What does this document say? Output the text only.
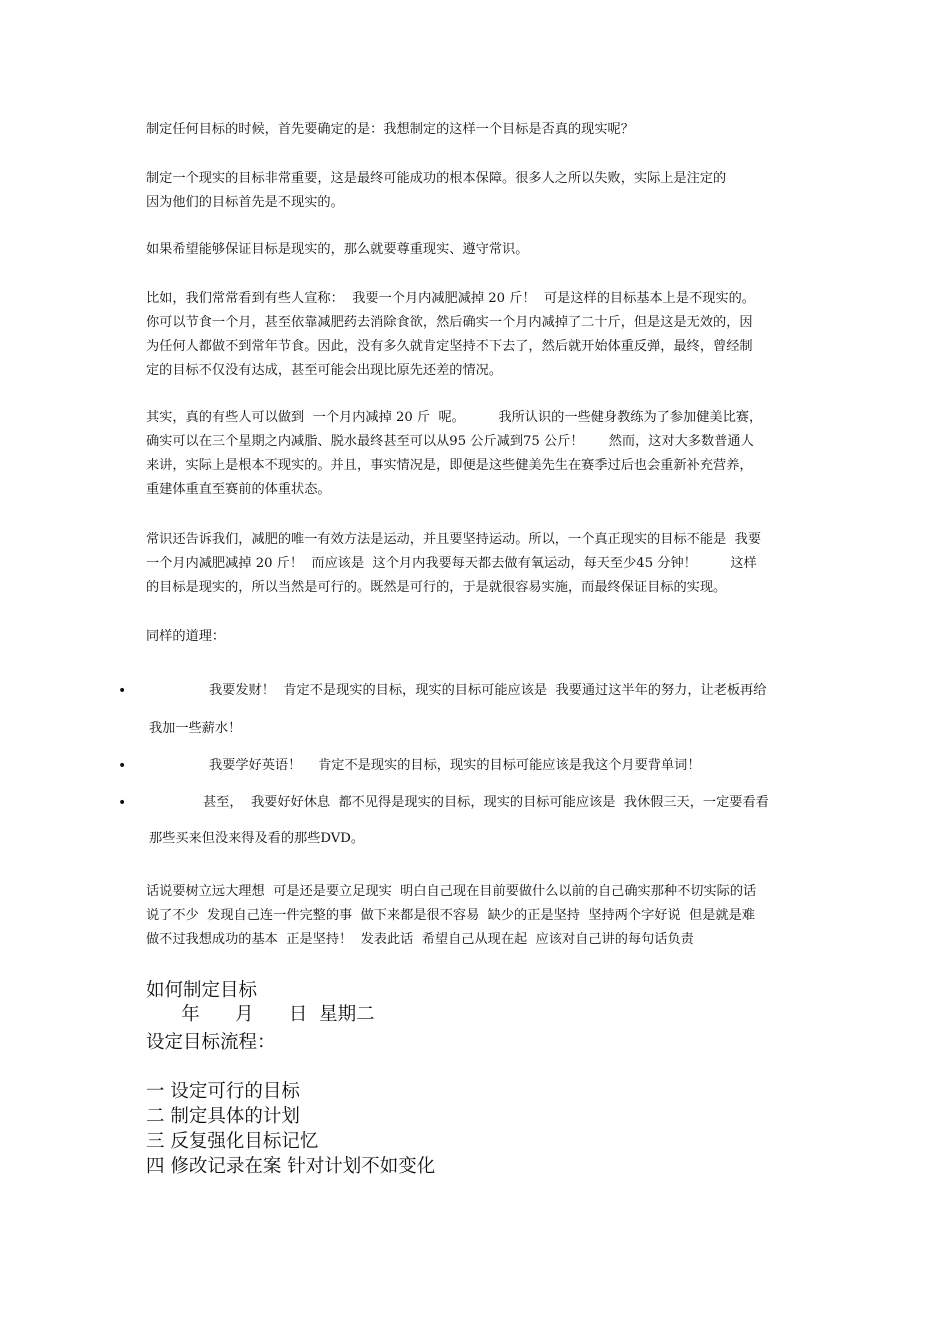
制定任何目标的时候，首先要确定的是：我想制定的这样一个目标是否真的现实呢？

制定一个现实的目标非常重要，这是最终可能成功的根本保障。很多人之所以失败，实际上是注定的
因为他们的目标首先是不现实的。

如果希望能够保证目标是现实的，那么就要尊重现实、遵守常识。

比如，我们常常看到有些人宣称：  我要一个月内减肥减掉 20 斤！  可是这样的目标基本上是不现实的。
你可以节食一个月，甚至依靠减肥药去消除食欲，然后确实一个月内减掉了二十斤，但是这是无效的，因
为任何人都做不到常年节食。因此，没有多久就肯定坚持不下去了，然后就开始体重反弹，最终，曾经制
定的目标不仅没有达成，甚至可能会出现比原先还差的情况。

其实，真的有些人可以做到  一个月内减掉 20 斤  呢。        我所认识的一些健身教练为了参加健美比赛，
确实可以在三个星期之内减脂、脱水最终甚至可以从95 公斤减到75 公斤！      然而，这对大多数普通人
来讲，实际上是根本不现实的。并且，事实情况是，即便是这些健美先生在赛季过后也会重新补充营养，
重建体重直至赛前的体重状态。

常识还告诉我们，减肥的唯一有效方法是运动，并且要坚持运动。所以，一个真正现实的目标不能是  我要
一个月内减肥减掉 20 斤！  而应该是  这个月内我要每天都去做有氧运动，每天至少45 分钟！        这样
的目标是现实的，所以当然是可行的。既然是可行的，于是就很容易实施，而最终保证目标的实现。

同样的道理：

•	我要发财！  肯定不是现实的目标，现实的目标可能应该是  我要通过这半年的努力，让老板再给
我加一些薪水！
•	我要学好英语！    肯定不是现实的目标，现实的目标可能应该是我这个月要背单词！
•	甚至，  我要好好休息  都不见得是现实的目标，现实的目标可能应该是  我休假三天，一定要看看
那些买来但没来得及看的那些DVD。

话说要树立远大理想  可是还是要立足现实  明白自己现在目前要做什么以前的自己确实那种不切实际的话
说了不少  发现自己连一件完整的事  做下来都是很不容易  缺少的正是坚持  坚持两个字好说  但是就是难
做不过我想成功的基本  正是坚持！  发表此话  希望自己从现在起  应该对自己讲的每句话负责

如何制定目标
年      月      日  星期二
设定目标流程：
一 设定可行的目标
二 制定具体的计划
三 反复强化目标记忆
四 修改记录在案 针对计划不如变化
